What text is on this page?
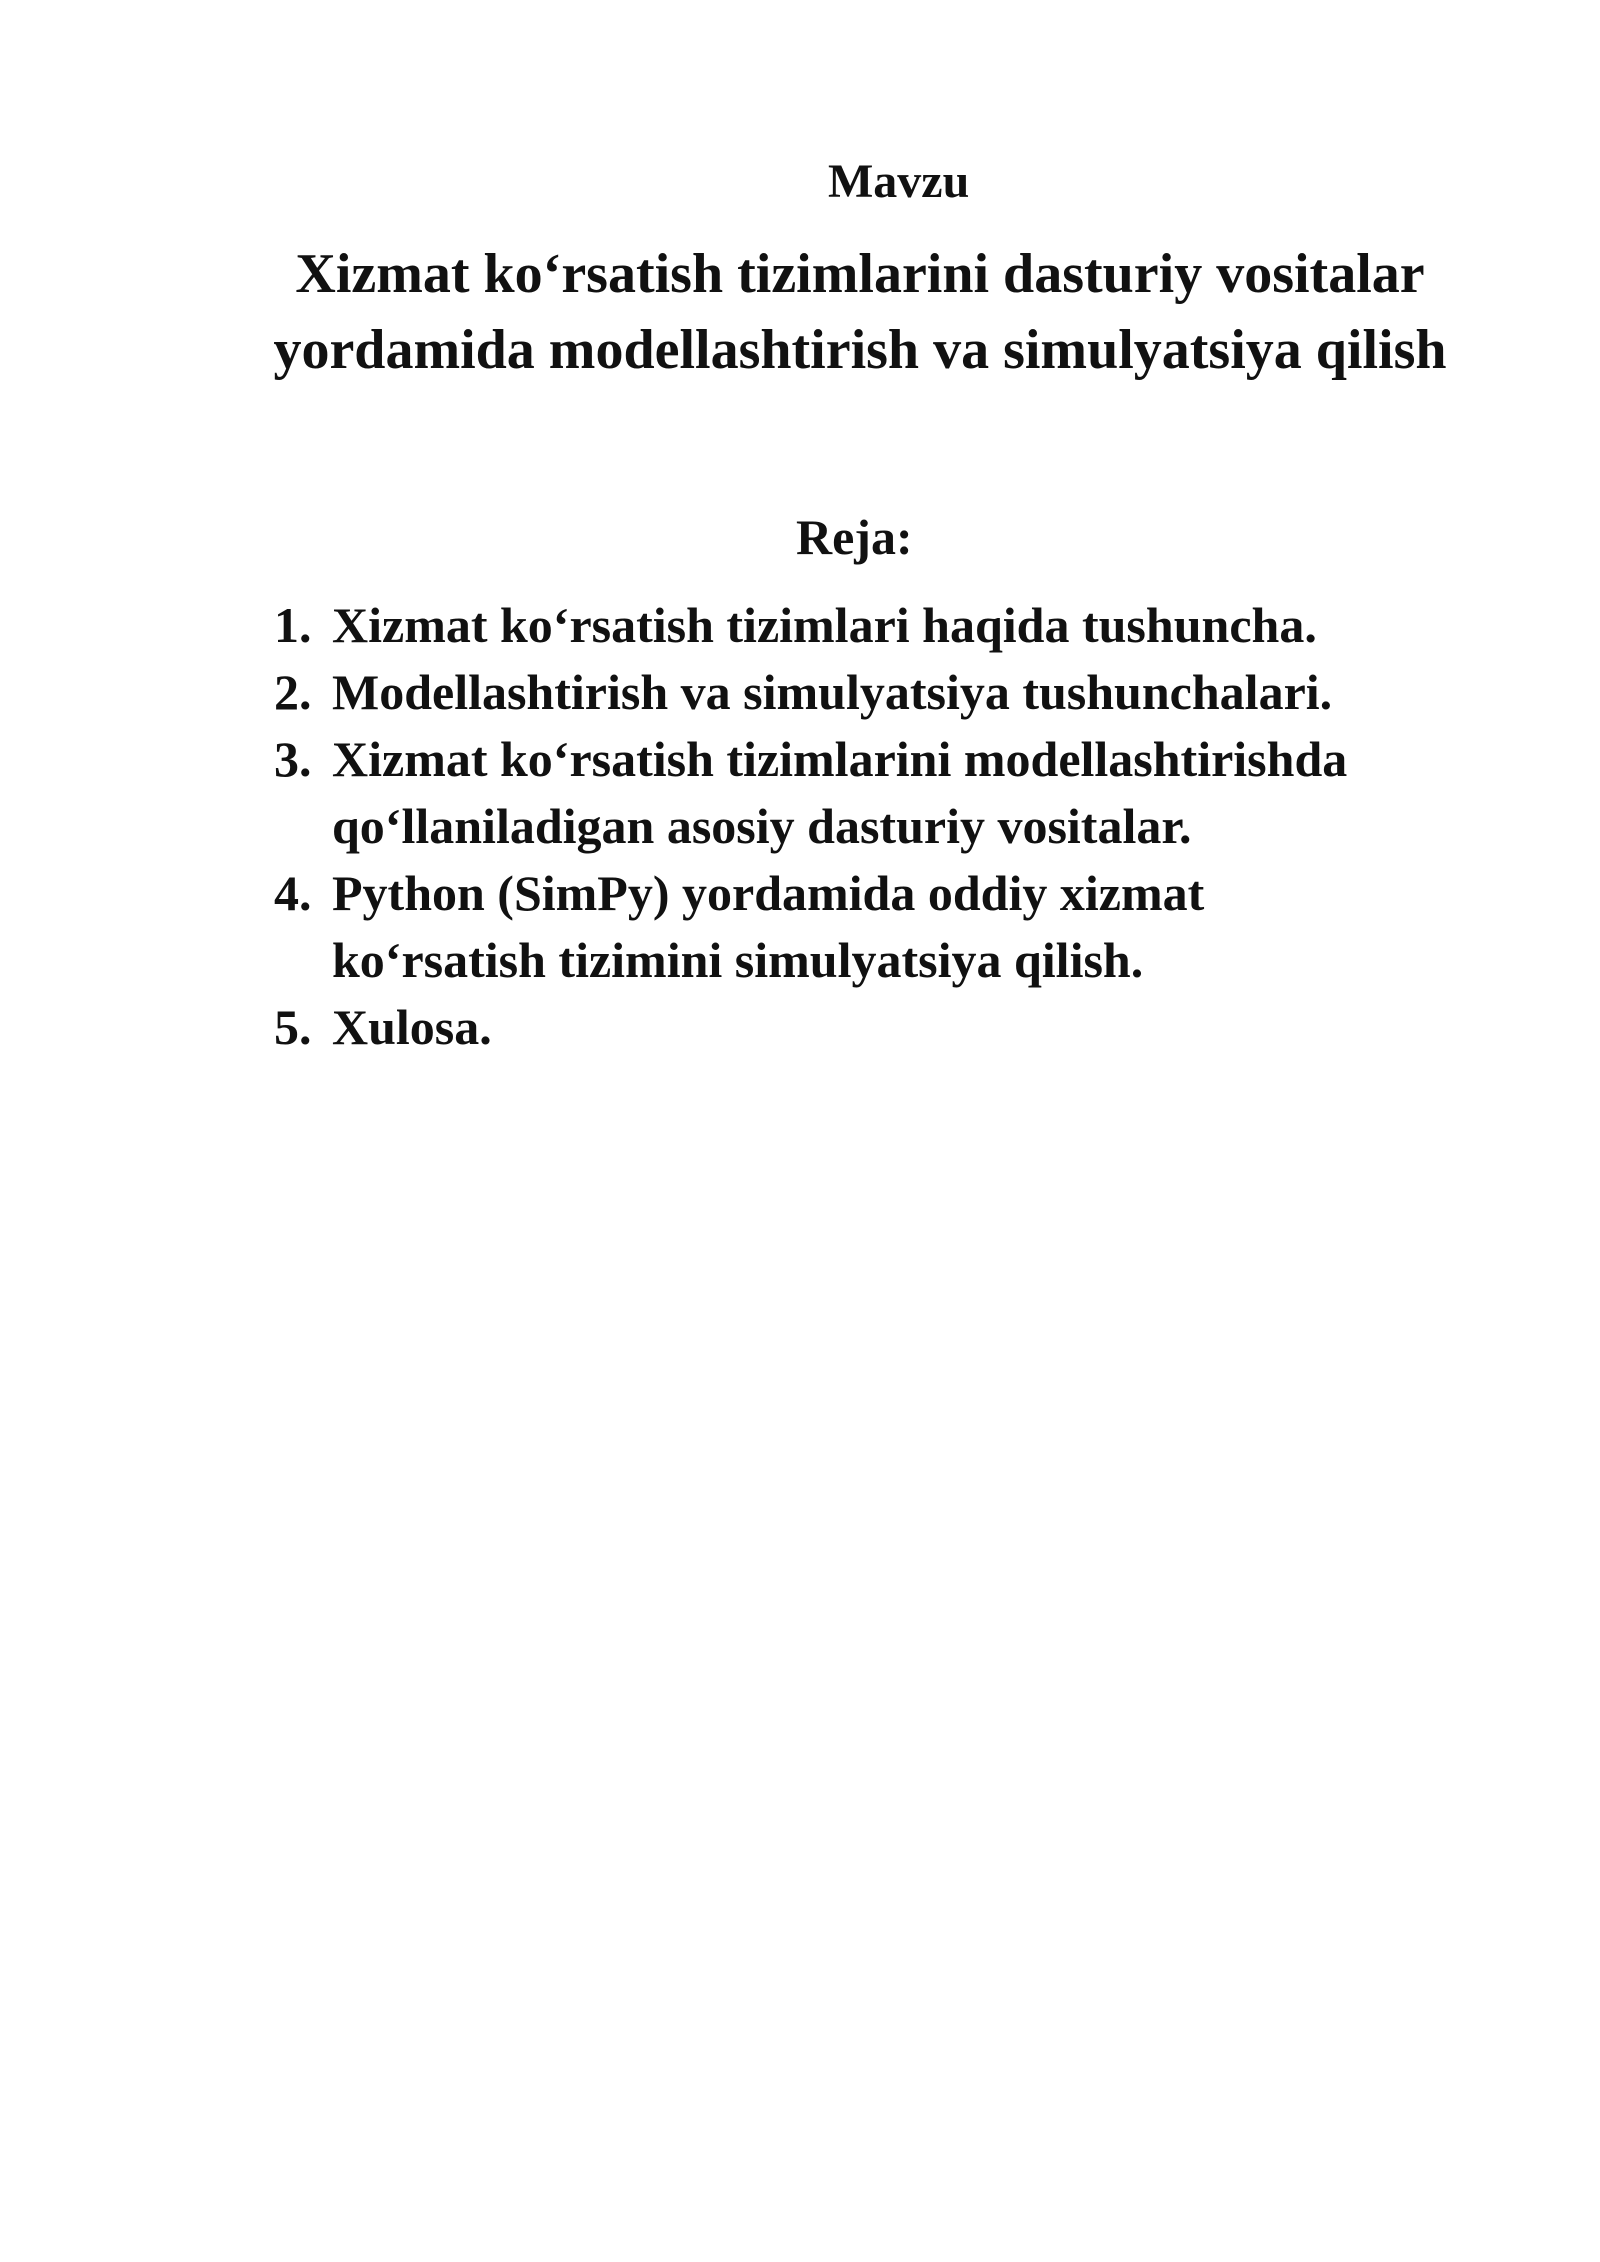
Mavzu
Xizmat ko‘rsatish tizimlarini dasturiy vositalar
yordamida modellashtirish va simulyatsiya qilish
Reja:
1. Xizmat ko‘rsatish tizimlari haqida tushuncha.
2. Modellashtirish va simulyatsiya tushunchalari.
3. Xizmat ko‘rsatish tizimlarini modellashtirishda
qo‘llaniladigan asosiy dasturiy vositalar.
4. Python (SimPy) yordamida oddiy xizmat
ko‘rsatish tizimini simulyatsiya qilish.
5. Xulosa.
